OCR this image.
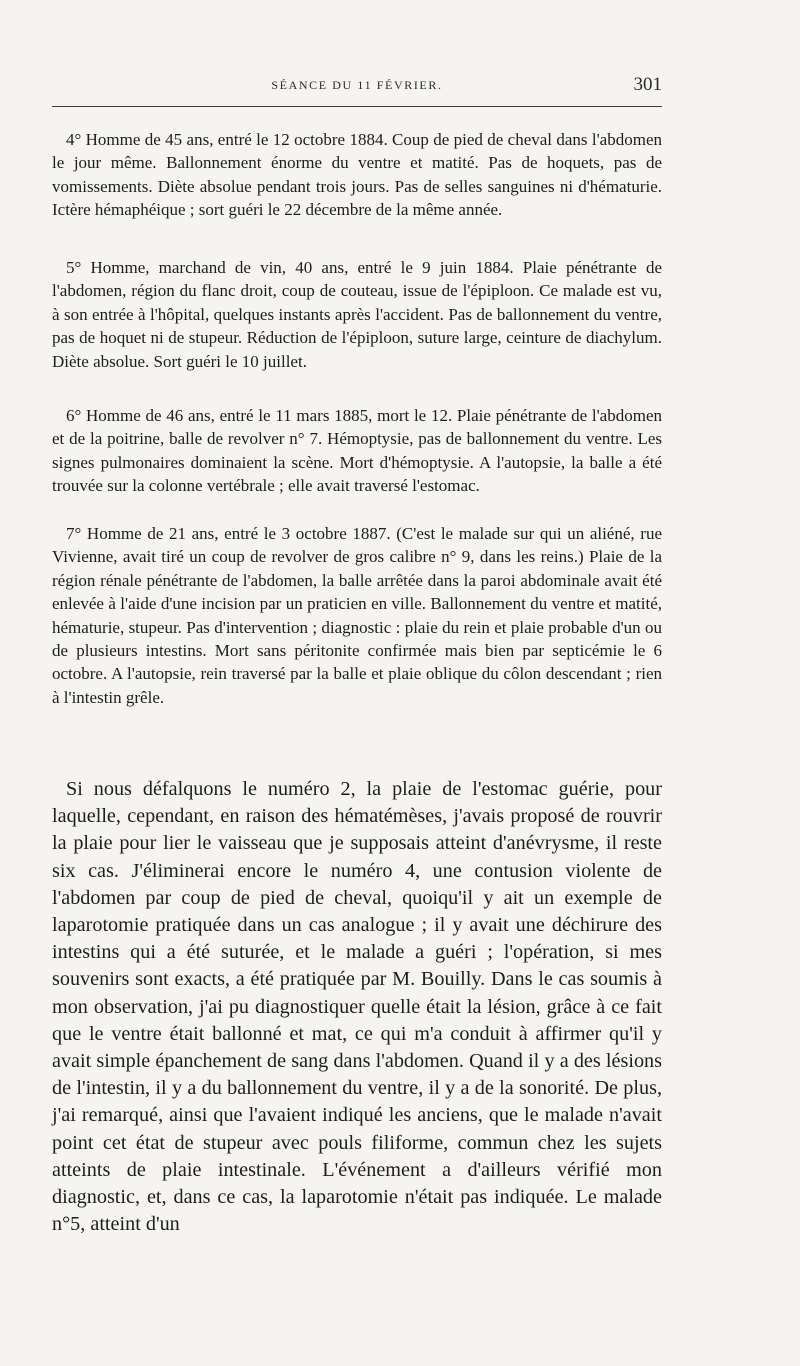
SÉANCE DU 11 FÉVRIER.	301

4° Homme de 45 ans, entré le 12 octobre 1884. Coup de pied de cheval dans l'abdomen le jour même. Ballonnement énorme du ventre et matité. Pas de hoquets, pas de vomissements. Diète absolue pendant trois jours. Pas de selles sanguines ni d'hématurie. Ictère hémaphéique ; sort guéri le 22 décembre de la même année.

5° Homme, marchand de vin, 40 ans, entré le 9 juin 1884. Plaie pénétrante de l'abdomen, région du flanc droit, coup de couteau, issue de l'épiploon. Ce malade est vu, à son entrée à l'hôpital, quelques instants après l'accident. Pas de ballonnement du ventre, pas de hoquet ni de stupeur. Réduction de l'épiploon, suture large, ceinture de diachylum. Diète absolue. Sort guéri le 10 juillet.

6° Homme de 46 ans, entré le 11 mars 1885, mort le 12. Plaie pénétrante de l'abdomen et de la poitrine, balle de revolver n° 7. Hémoptysie, pas de ballonnement du ventre. Les signes pulmonaires dominaient la scène. Mort d'hémoptysie. A l'autopsie, la balle a été trouvée sur la colonne vertébrale ; elle avait traversé l'estomac.

7° Homme de 21 ans, entré le 3 octobre 1887. (C'est le malade sur qui un aliéné, rue Vivienne, avait tiré un coup de revolver de gros calibre n° 9, dans les reins.) Plaie de la région rénale pénétrante de l'abdomen, la balle arrêtée dans la paroi abdominale avait été enlevée à l'aide d'une incision par un praticien en ville. Ballonnement du ventre et matité, hématurie, stupeur. Pas d'intervention ; diagnostic : plaie du rein et plaie probable d'un ou de plusieurs intestins. Mort sans péritonite confirmée mais bien par septicémie le 6 octobre. A l'autopsie, rein traversé par la balle et plaie oblique du côlon descendant ; rien à l'intestin grêle.

Si nous défalquons le numéro 2, la plaie de l'estomac guérie, pour laquelle, cependant, en raison des hématémèses, j'avais proposé de rouvrir la plaie pour lier le vaisseau que je supposais atteint d'anévrysme, il reste six cas. J'éliminerai encore le numéro 4, une contusion violente de l'abdomen par coup de pied de cheval, quoiqu'il y ait un exemple de laparotomie pratiquée dans un cas analogue ; il y avait une déchirure des intestins qui a été suturée, et le malade a guéri ; l'opération, si mes souvenirs sont exacts, a été pratiquée par M. Bouilly. Dans le cas soumis à mon observation, j'ai pu diagnostiquer quelle était la lésion, grâce à ce fait que le ventre était ballonné et mat, ce qui m'a conduit à affirmer qu'il y avait simple épanchement de sang dans l'abdomen. Quand il y a des lésions de l'intestin, il y a du ballonnement du ventre, il y a de la sonorité. De plus, j'ai remarqué, ainsi que l'avaient indiqué les anciens, que le malade n'avait point cet état de stupeur avec pouls filiforme, commun chez les sujets atteints de plaie intestinale. L'événement a d'ailleurs vérifié mon diagnostic, et, dans ce cas, la laparotomie n'était pas indiquée. Le malade n°5, atteint d'un
